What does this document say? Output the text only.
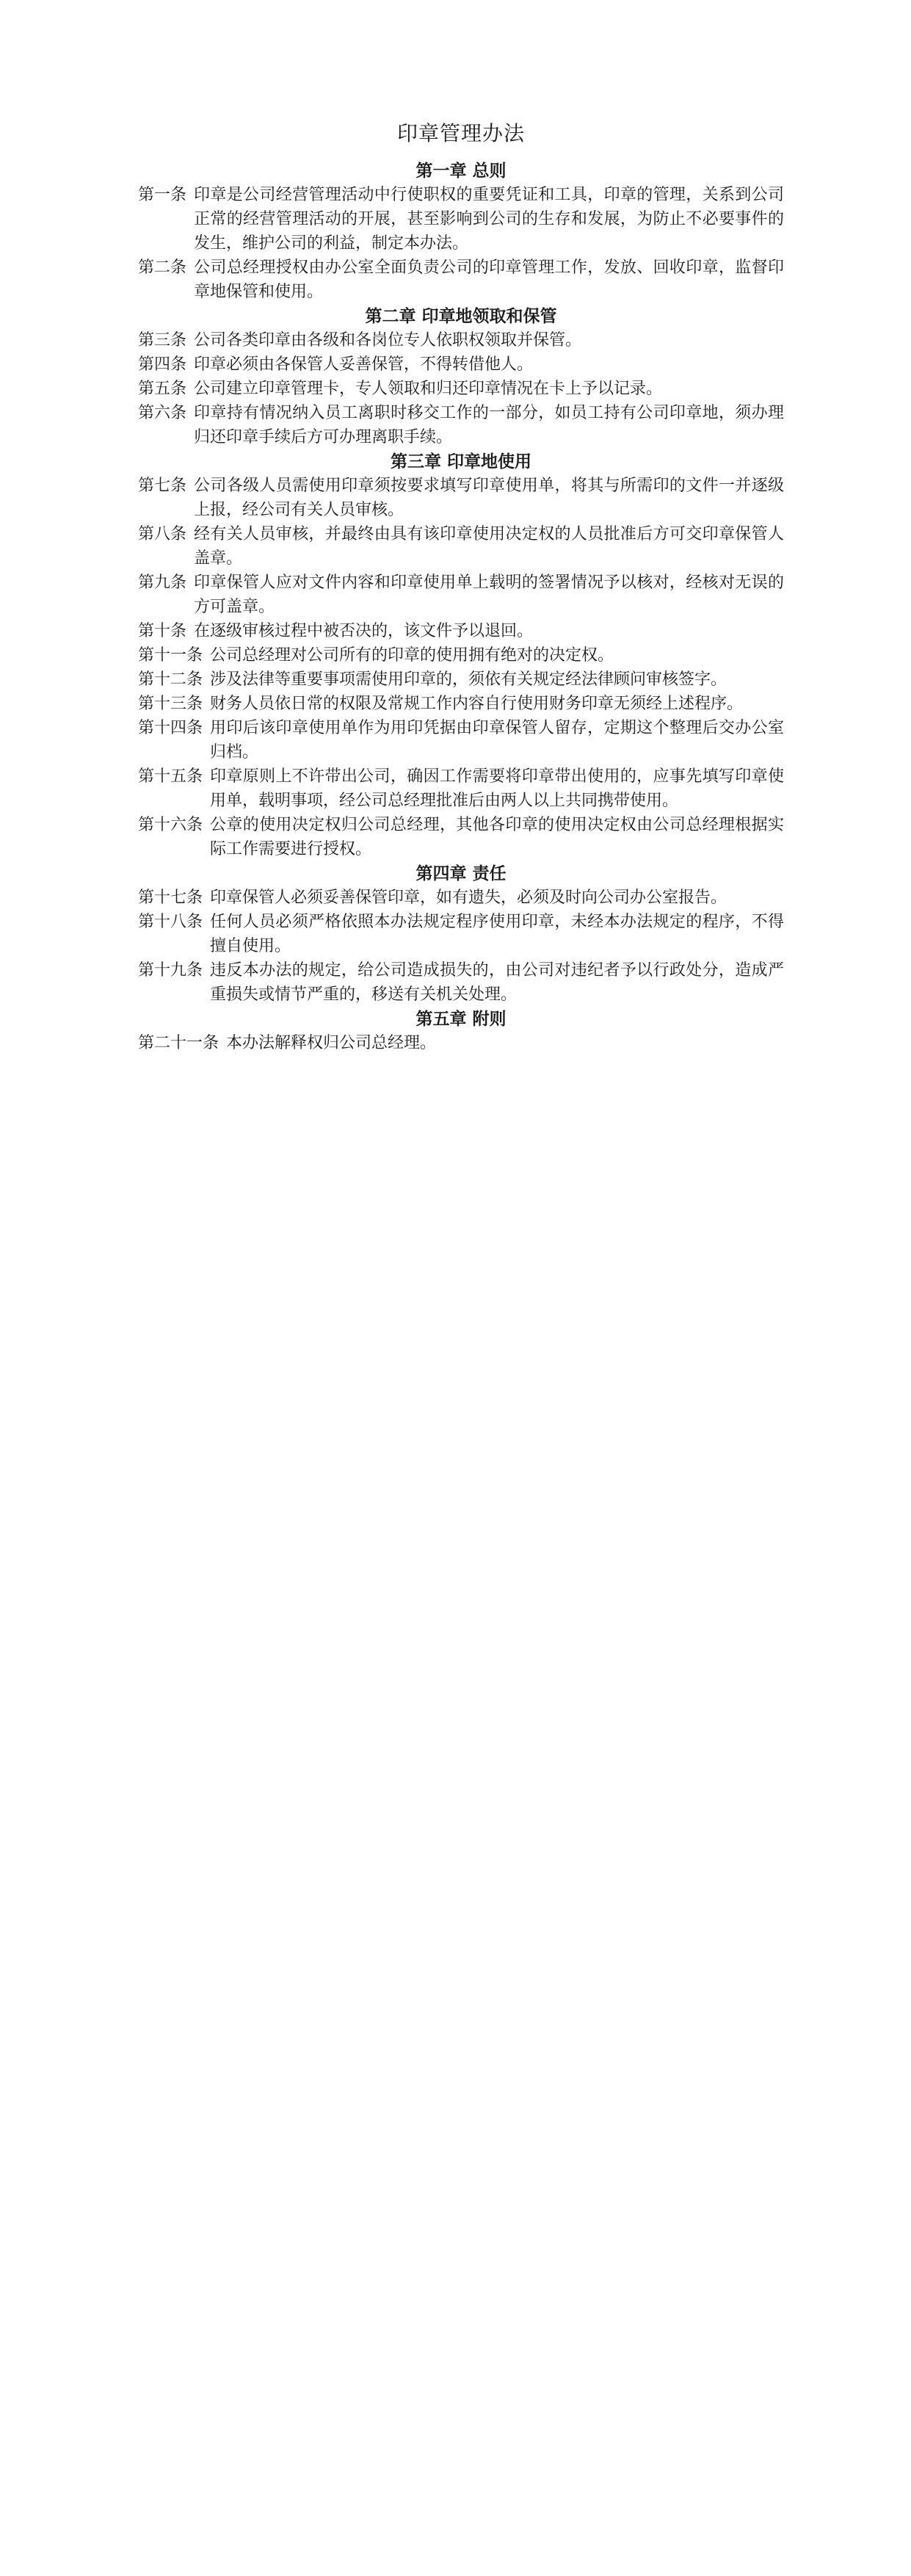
印章管理办法
第一章 总则
第一条 印章是公司经营管理活动中行使职权的重要凭证和工具，印章的管理，关系到公司正常的经营管理活动的开展，甚至影响到公司的生存和发展，为防止不必要事件的发生，维护公司的利益，制定本办法。
第二条 公司总经理授权由办公室全面负责公司的印章管理工作，发放、回收印章，监督印章地保管和使用。
第二章 印章地领取和保管
第三条 公司各类印章由各级和各岗位专人依职权领取并保管。
第四条 印章必须由各保管人妥善保管，不得转借他人。
第五条 公司建立印章管理卡，专人领取和归还印章情况在卡上予以记录。
第六条 印章持有情况纳入员工离职时移交工作的一部分，如员工持有公司印章地，须办理归还印章手续后方可办理离职手续。
第三章 印章地使用
第七条 公司各级人员需使用印章须按要求填写印章使用单，将其与所需印的文件一并逐级上报，经公司有关人员审核。
第八条 经有关人员审核，并最终由具有该印章使用决定权的人员批准后方可交印章保管人盖章。
第九条 印章保管人应对文件内容和印章使用单上载明的签署情况予以核对，经核对无误的方可盖章。
第十条 在逐级审核过程中被否决的，该文件予以退回。
第十一条 公司总经理对公司所有的印章的使用拥有绝对的决定权。
第十二条 涉及法律等重要事项需使用印章的，须依有关规定经法律顾问审核签字。
第十三条 财务人员依日常的权限及常规工作内容自行使用财务印章无须经上述程序。
第十四条 用印后该印章使用单作为用印凭据由印章保管人留存，定期这个整理后交办公室归档。
第十五条 印章原则上不许带出公司，确因工作需要将印章带出使用的，应事先填写印章使用单，载明事项，经公司总经理批准后由两人以上共同携带使用。
第十六条 公章的使用决定权归公司总经理，其他各印章的使用决定权由公司总经理根据实际工作需要进行授权。
第四章 责任
第十七条 印章保管人必须妥善保管印章，如有遗失，必须及时向公司办公室报告。
第十八条 任何人员必须严格依照本办法规定程序使用印章，未经本办法规定的程序，不得擅自使用。
第十九条 违反本办法的规定，给公司造成损失的，由公司对违纪者予以行政处分，造成严重损失或情节严重的，移送有关机关处理。
第五章 附则
第二十一条 本办法解释权归公司总经理。
